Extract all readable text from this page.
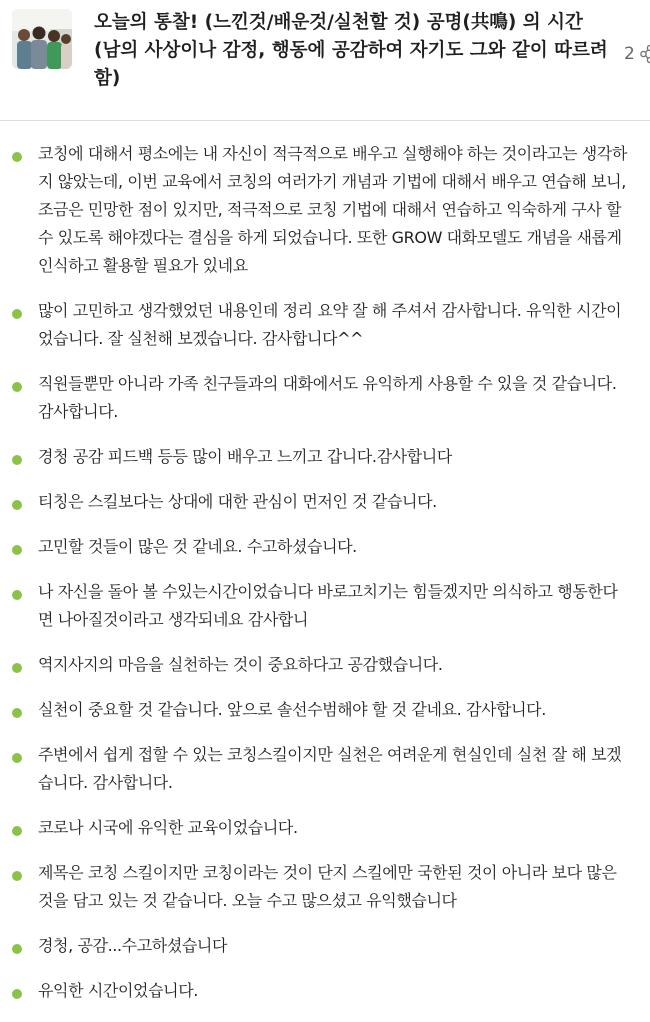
오늘의 통찰! (느낀것/배운것/실천할 것) 공명(共鳴) 의 시간 (남의 사상이나 감정, 행동에 공감하여 자기도 그와 같이 따르려 함)
2
코칭에 대해서 평소에는 내 자신이 적극적으로 배우고 실행해야 하는 것이라고는 생각하지 않았는데, 이번 교육에서 코칭의 여러가기 개념과 기법에 대해서 배우고 연습해 보니, 조금은 민망한 점이 있지만, 적극적으로 코칭 기법에 대해서 연습하고 익숙하게 구사 할 수 있도록 해야겠다는 결심을 하게 되었습니다. 또한 GROW 대화모델도 개념을 새롭게 인식하고 활용할 필요가 있네요
많이 고민하고 생각했었던 내용인데 정리 요약 잘 해 주셔서 감사합니다. 유익한 시간이었습니다. 잘 실천해 보겠습니다. 감사합니다^^
직원들뿐만 아니라 가족 친구들과의 대화에서도 유익하게 사용할 수 있을 것 같습니다. 감사합니다.
경청 공감 피드백 등등 많이 배우고 느끼고 갑니다.감사합니다
티칭은 스킬보다는 상대에 대한 관심이 먼저인 것 같습니다.
고민할 것들이 많은 것 같네요. 수고하셨습니다.
나 자신을 돌아 볼 수있는시간이었습니다 바로고치기는 힘들겠지만 의식하고 행동한다면 나아질것이라고 생각되네요 감사합니
역지사지의 마음을 실천하는 것이 중요하다고 공감했습니다.
실천이 중요할 것 같습니다. 앞으로 솔선수범해야 할 것 같네요. 감사합니다.
주변에서 쉽게 접할 수 있는 코칭스킬이지만 실천은 여려운게 현실인데 실천 잘 해 보겠습니다. 감사합니다.
코로나 시국에 유익한 교육이었습니다.
제목은 코칭 스킬이지만 코칭이라는 것이 단지 스킬에만 국한된 것이 아니라 보다 많은 것을 담고 있는 것 같습니다. 오늘 수고 많으셨고 유익했습니다
경청, 공감...수고하셨습니다
유익한 시간이었습니다.
